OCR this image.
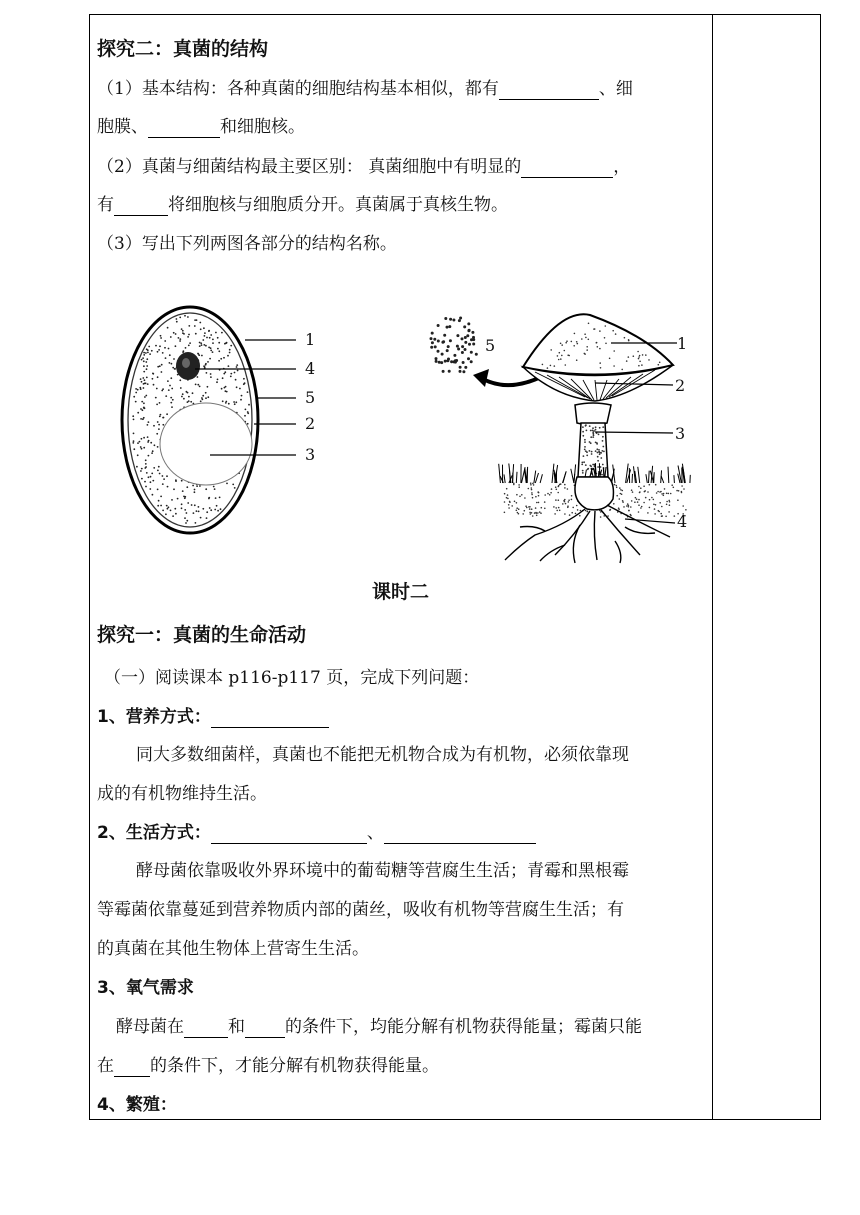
探究二：真菌的结构
（1）基本结构：各种真菌的细胞结构基本相似，都有	、细
胞膜、	和细胞核。
（2）真菌与细菌结构最主要区别： 真菌细胞中有明显的	，
有	将细胞核与细胞质分开。真菌属于真核生物。
（3）写出下列两图各部分的结构名称。
1
4
5
2
3
1
2
3
4
5
课时二
探究一：真菌的生命活动
（一）阅读课本 p116-p117 页，完成下列问题：
1、营养方式：
同大多数细菌样，真菌也不能把无机物合成为有机物，必须依靠现
成的有机物维持生活。
2、生活方式：	、
酵母菌依靠吸收外界环境中的葡萄糖等营腐生生活；青霉和黑根霉
等霉菌依靠蔓延到营养物质内部的菌丝，吸收有机物等营腐生生活；有
的真菌在其他生物体上营寄生生活。
3、氧气需求
酵母菌在	和 的条件下，均能分解有机物获得能量；霉菌只能
在 的条件下，才能分解有机物获得能量。
4、繁殖：
